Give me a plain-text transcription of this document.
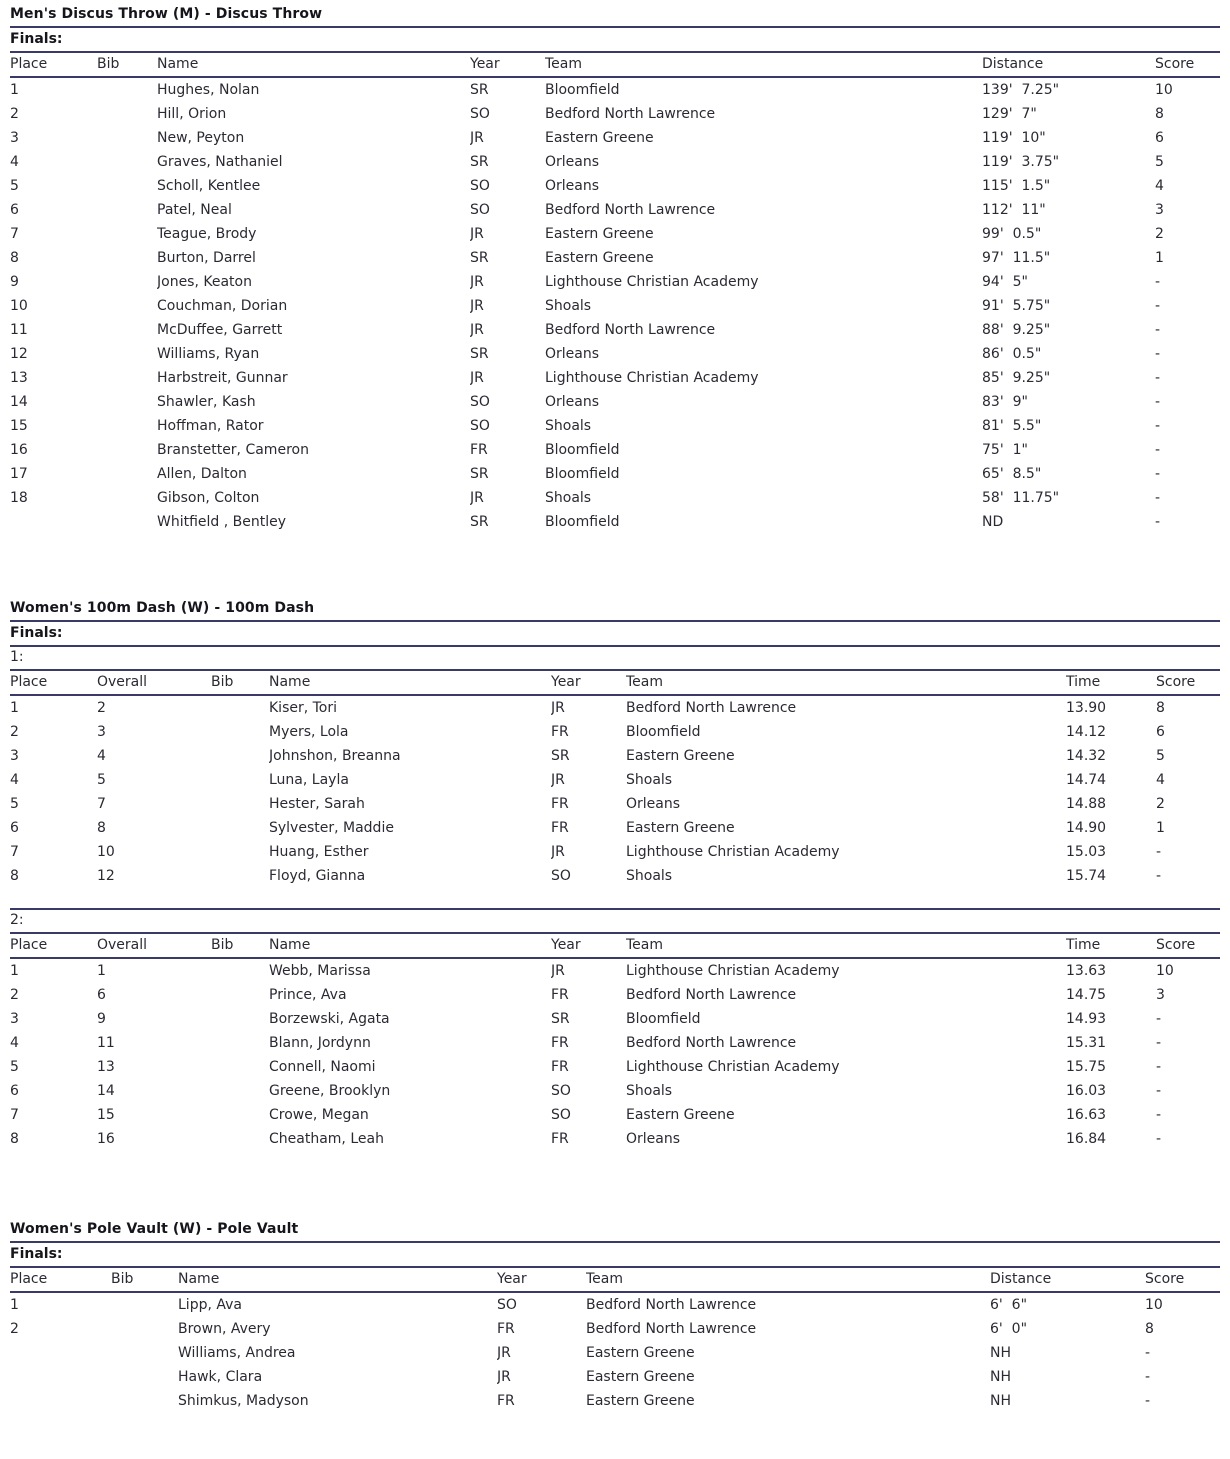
Men's Discus Throw (M) - Discus Throw
Finals:
Place	Bib	Name	Year	Team	Distance	Score
1		Hughes, Nolan	SR	Bloomfield	139'  7.25"	10
2		Hill, Orion	SO	Bedford North Lawrence	129'  7"	8
3		New, Peyton	JR	Eastern Greene	119'  10"	6
4		Graves, Nathaniel	SR	Orleans	119'  3.75"	5
5		Scholl, Kentlee	SO	Orleans	115'  1.5"	4
6		Patel, Neal	SO	Bedford North Lawrence	112'  11"	3
7		Teague, Brody	JR	Eastern Greene	99'  0.5"	2
8		Burton, Darrel	SR	Eastern Greene	97'  11.5"	1
9		Jones, Keaton	JR	Lighthouse Christian Academy	94'  5"	-
10		Couchman, Dorian	JR	Shoals	91'  5.75"	-
11		McDuffee, Garrett	JR	Bedford North Lawrence	88'  9.25"	-
12		Williams, Ryan	SR	Orleans	86'  0.5"	-
13		Harbstreit, Gunnar	JR	Lighthouse Christian Academy	85'  9.25"	-
14		Shawler, Kash	SO	Orleans	83'  9"	-
15		Hoffman, Rator	SO	Shoals	81'  5.5"	-
16		Branstetter, Cameron	FR	Bloomfield	75'  1"	-
17		Allen, Dalton	SR	Bloomfield	65'  8.5"	-
18		Gibson, Colton	JR	Shoals	58'  11.75"	-
		Whitfield , Bentley	SR	Bloomfield	ND	-
Women's 100m Dash (W) - 100m Dash
Finals:
1:
Place	Overall	Bib	Name	Year	Team	Time	Score
1	2		Kiser, Tori	JR	Bedford North Lawrence	13.90	8
2	3		Myers, Lola	FR	Bloomfield	14.12	6
3	4		Johnshon, Breanna	SR	Eastern Greene	14.32	5
4	5		Luna, Layla	JR	Shoals	14.74	4
5	7		Hester, Sarah	FR	Orleans	14.88	2
6	8		Sylvester, Maddie	FR	Eastern Greene	14.90	1
7	10		Huang, Esther	JR	Lighthouse Christian Academy	15.03	-
8	12		Floyd, Gianna	SO	Shoals	15.74	-
2:
Place	Overall	Bib	Name	Year	Team	Time	Score
1	1		Webb, Marissa	JR	Lighthouse Christian Academy	13.63	10
2	6		Prince, Ava	FR	Bedford North Lawrence	14.75	3
3	9		Borzewski, Agata	SR	Bloomfield	14.93	-
4	11		Blann, Jordynn	FR	Bedford North Lawrence	15.31	-
5	13		Connell, Naomi	FR	Lighthouse Christian Academy	15.75	-
6	14		Greene, Brooklyn	SO	Shoals	16.03	-
7	15		Crowe, Megan	SO	Eastern Greene	16.63	-
8	16		Cheatham, Leah	FR	Orleans	16.84	-
Women's Pole Vault (W) - Pole Vault
Finals:
Place	Bib	Name	Year	Team	Distance	Score
1		Lipp, Ava	SO	Bedford North Lawrence	6'  6"	10
2		Brown, Avery	FR	Bedford North Lawrence	6'  0"	8
		Williams, Andrea	JR	Eastern Greene	NH	-
		Hawk, Clara	JR	Eastern Greene	NH	-
		Shimkus, Madyson	FR	Eastern Greene	NH	-
